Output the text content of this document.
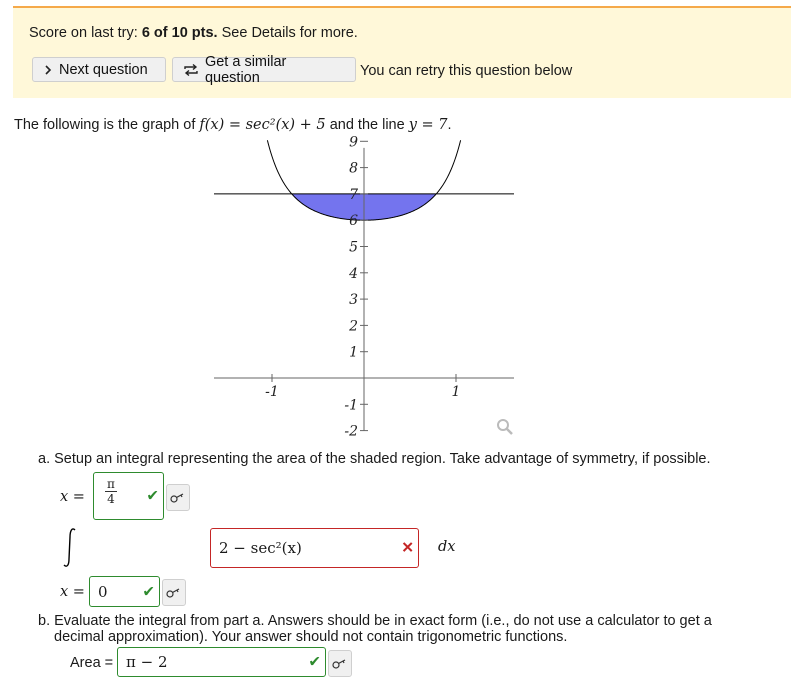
Score on last try: 6 of 10 pts. See Details for more.
Next question	Get a similar question	You can retry this question below
The following is the graph of f(x) = sec²(x) + 5 and the line y = 7.
-1	1
9
8
7
6
5
4
3
2
1
-1
-2
a. Setup an integral representing the area of the shaded region. Take advantage of symmetry, if possible.
$x = \frac{\pi}{4}$ ✔
2 − sec²(x)	✕ dx
x = 0 ✔
b. Evaluate the integral from part a. Answers should be in exact form (i.e., do not use a calculator to get a
decimal approximation). Your answer should not contain trigonometric functions.
Area = π − 2	✔
